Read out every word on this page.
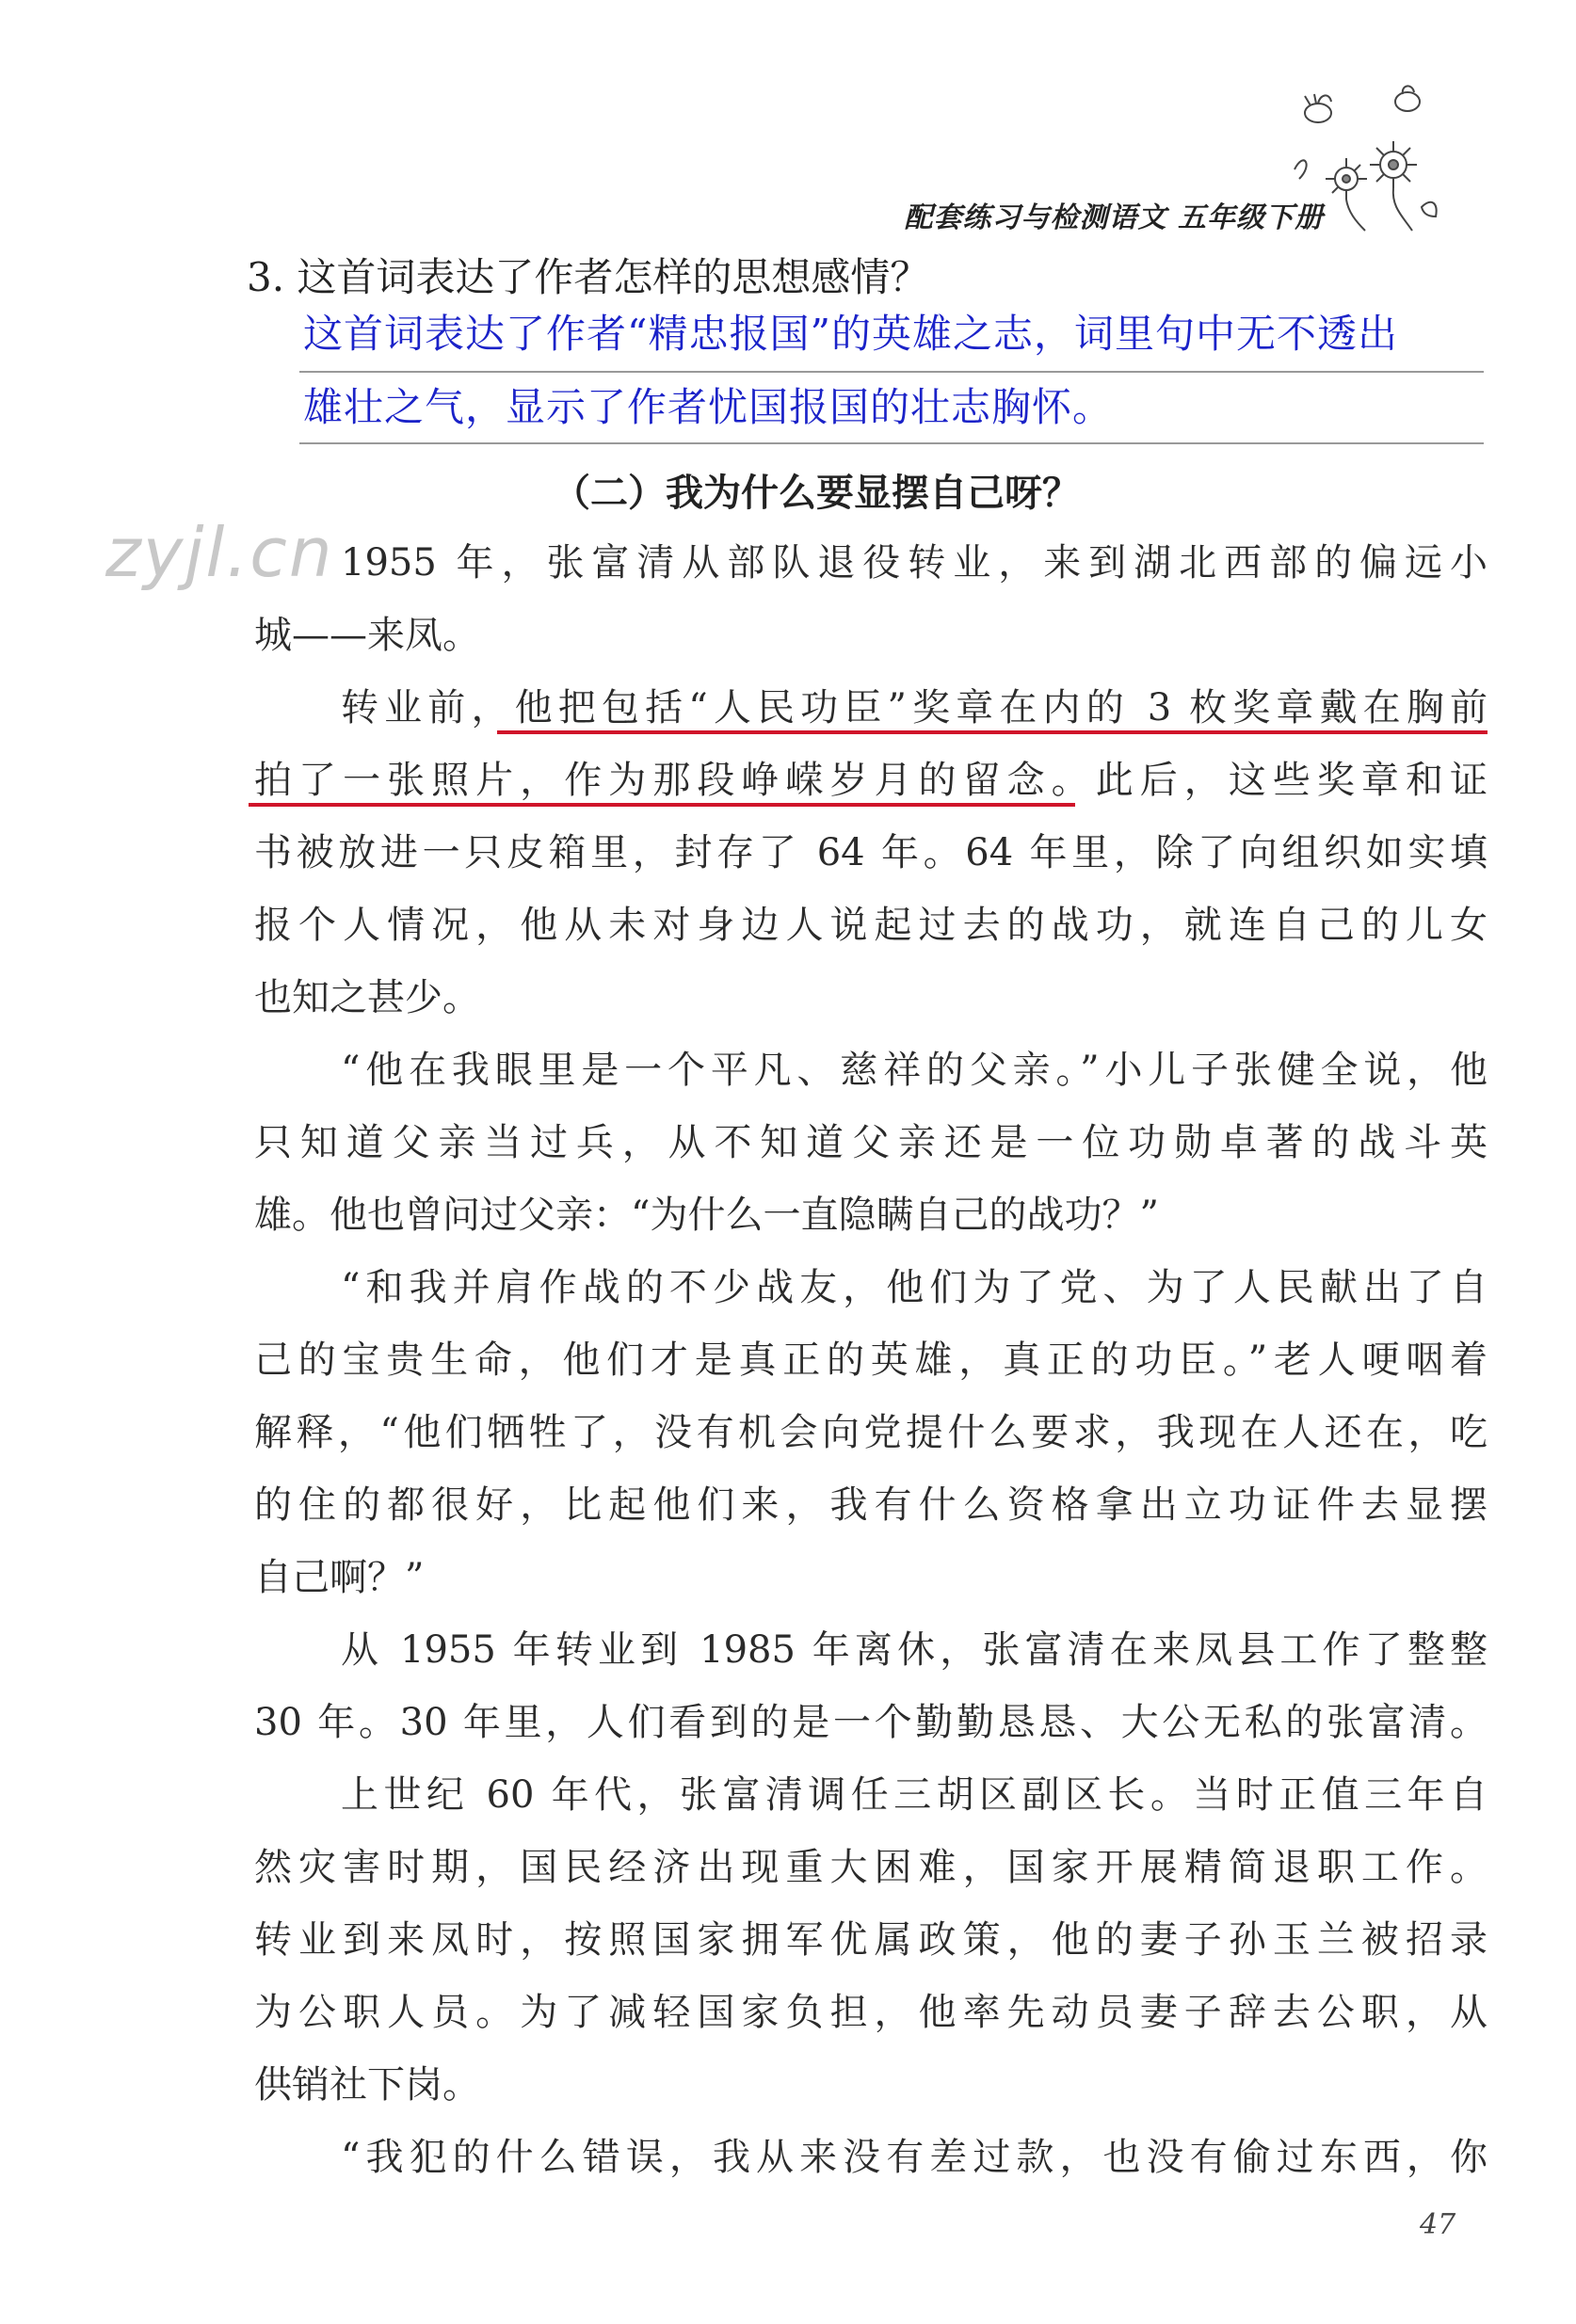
配套练习与检测语文 五年级下册
3. 这首词表达了作者怎样的思想感情？
这首词表达了作者“精忠报国”的英雄之志，词里句中无不透出
雄壮之气，显示了作者忧国报国的壮志胸怀。
（二）我为什么要显摆自己呀？
zyjl.cn 1955 年，张富清从部队退役转业，来到湖北西部的偏远小
城——来凤。
转业前，他把包括“人民功臣”奖章在内的 3 枚奖章戴在胸前
拍了一张照片，作为那段峥嵘岁月的留念。此后，这些奖章和证
书被放进一只皮箱里，封存了 64 年。64 年里，除了向组织如实填
报个人情况，他从未对身边人说起过去的战功，就连自己的儿女
也知之甚少。
“他在我眼里是一个平凡、慈祥的父亲。”小儿子张健全说，他
只知道父亲当过兵，从不知道父亲还是一位功勋卓著的战斗英
雄。他也曾问过父亲：“为什么一直隐瞒自己的战功？”
“和我并肩作战的不少战友，他们为了党、为了人民献出了自
己的宝贵生命，他们才是真正的英雄，真正的功臣。”老人哽咽着
解释，“他们牺牲了，没有机会向党提什么要求，我现在人还在，吃
的住的都很好，比起他们来，我有什么资格拿出立功证件去显摆
自己啊？”
从 1955 年转业到 1985 年离休，张富清在来凤县工作了整整
30 年。30 年里，人们看到的是一个勤勤恳恳、大公无私的张富清。
上世纪 60 年代，张富清调任三胡区副区长。当时正值三年自
然灾害时期，国民经济出现重大困难，国家开展精简退职工作。
转业到来凤时，按照国家拥军优属政策，他的妻子孙玉兰被招录
为公职人员。为了减轻国家负担，他率先动员妻子辞去公职，从
供销社下岗。
“我犯的什么错误，我从来没有差过款，也没有偷过东西，你
47
